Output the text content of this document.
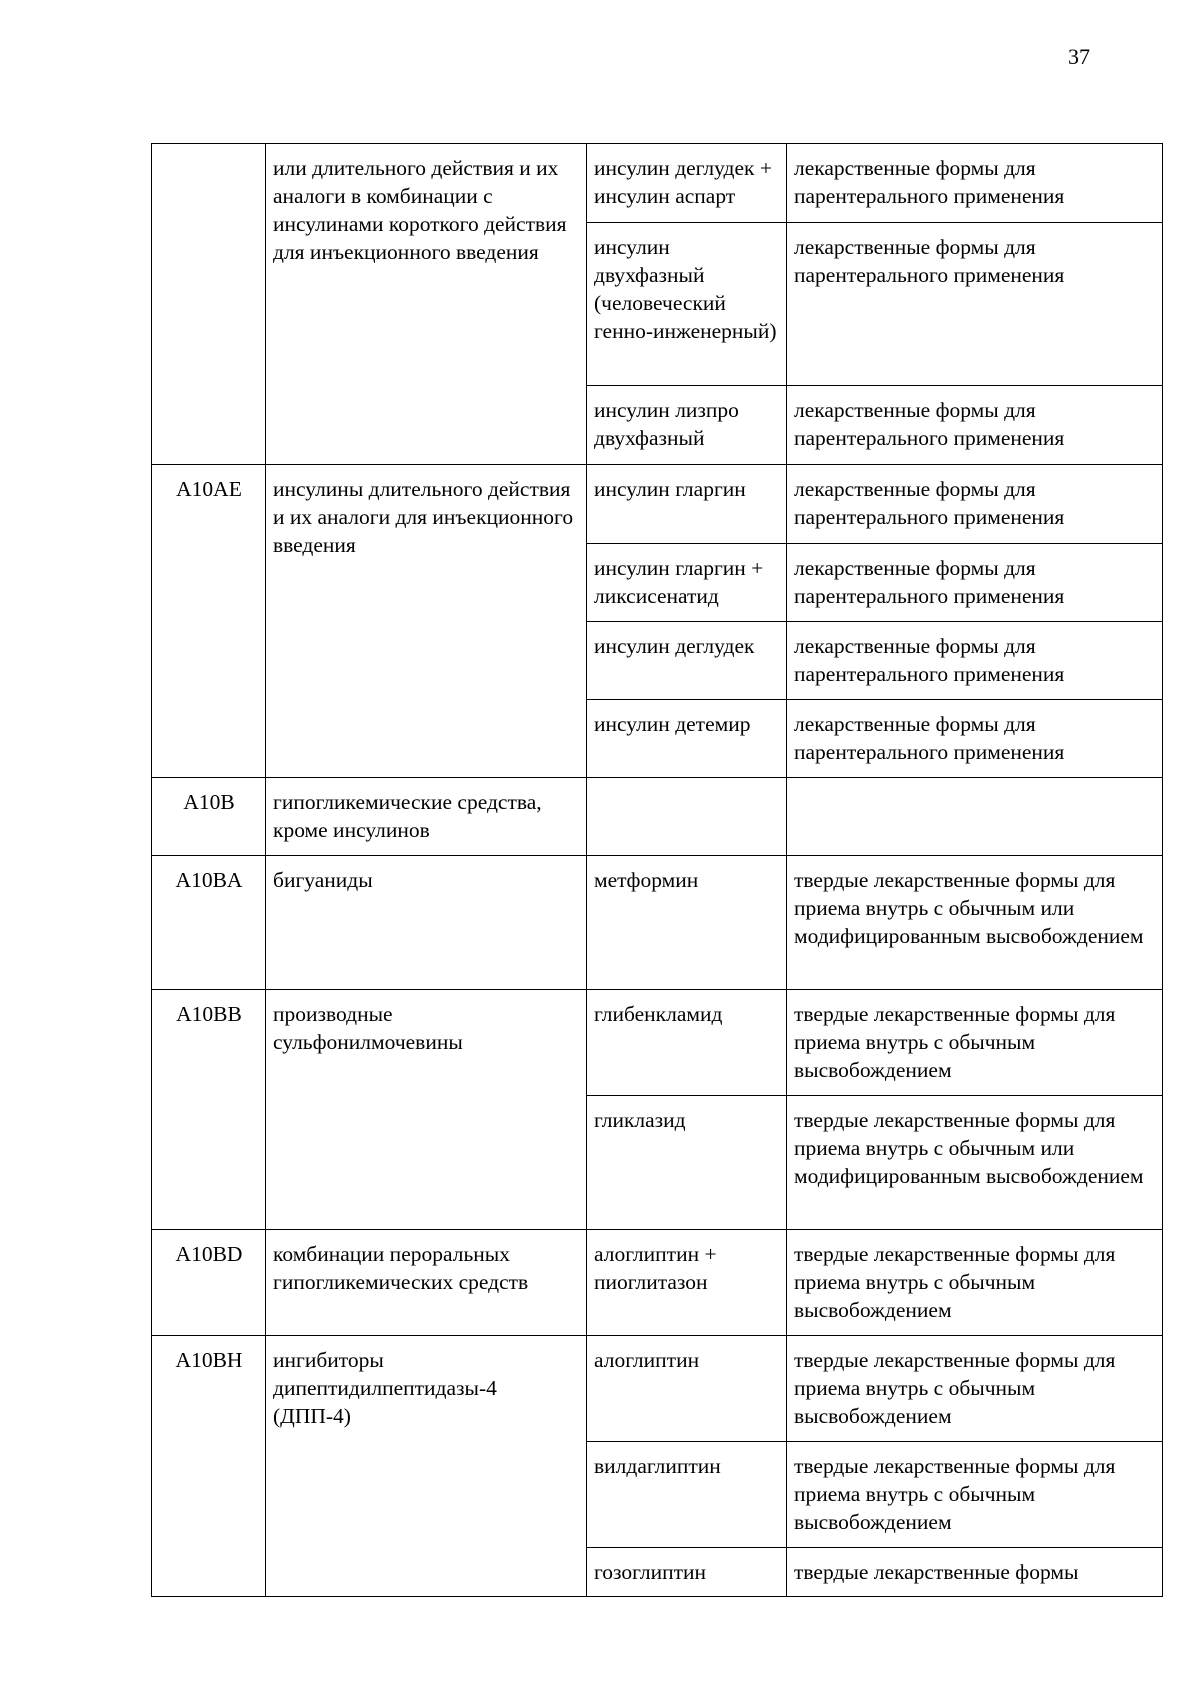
37
	или длительного действия и их аналоги в комбинации с инсулинами короткого действия для инъекционного введения	инсулин деглудек + инсулин аспарт	лекарственные формы для парентерального применения
		инсулин двухфазный (человеческий генно-инженерный)	лекарственные формы для парентерального применения
		инсулин лизпро двухфазный	лекарственные формы для парентерального применения
A10AE	инсулины длительного действия и их аналоги для инъекционного введения	инсулин гларгин	лекарственные формы для парентерального применения
		инсулин гларгин + ликсисенатид	лекарственные формы для парентерального применения
		инсулин деглудек	лекарственные формы для парентерального применения
		инсулин детемир	лекарственные формы для парентерального применения
A10B	гипогликемические средства, кроме инсулинов		
A10BA	бигуаниды	метформин	твердые лекарственные формы для приема внутрь с обычным или модифицированным высвобождением
A10BB	производные сульфонилмочевины	глибенкламид	твердые лекарственные формы для приема внутрь с обычным высвобождением
		гликлазид	твердые лекарственные формы для приема внутрь с обычным или модифицированным высвобождением
A10BD	комбинации пероральных гипогликемических средств	алоглиптин + пиоглитазон	твердые лекарственные формы для приема внутрь с обычным высвобождением
A10BH	ингибиторы дипептидилпептидазы-4 (ДПП-4)	алоглиптин	твердые лекарственные формы для приема внутрь с обычным высвобождением
		вилдаглиптин	твердые лекарственные формы для приема внутрь с обычным высвобождением
		гозоглиптин	твердые лекарственные формы
